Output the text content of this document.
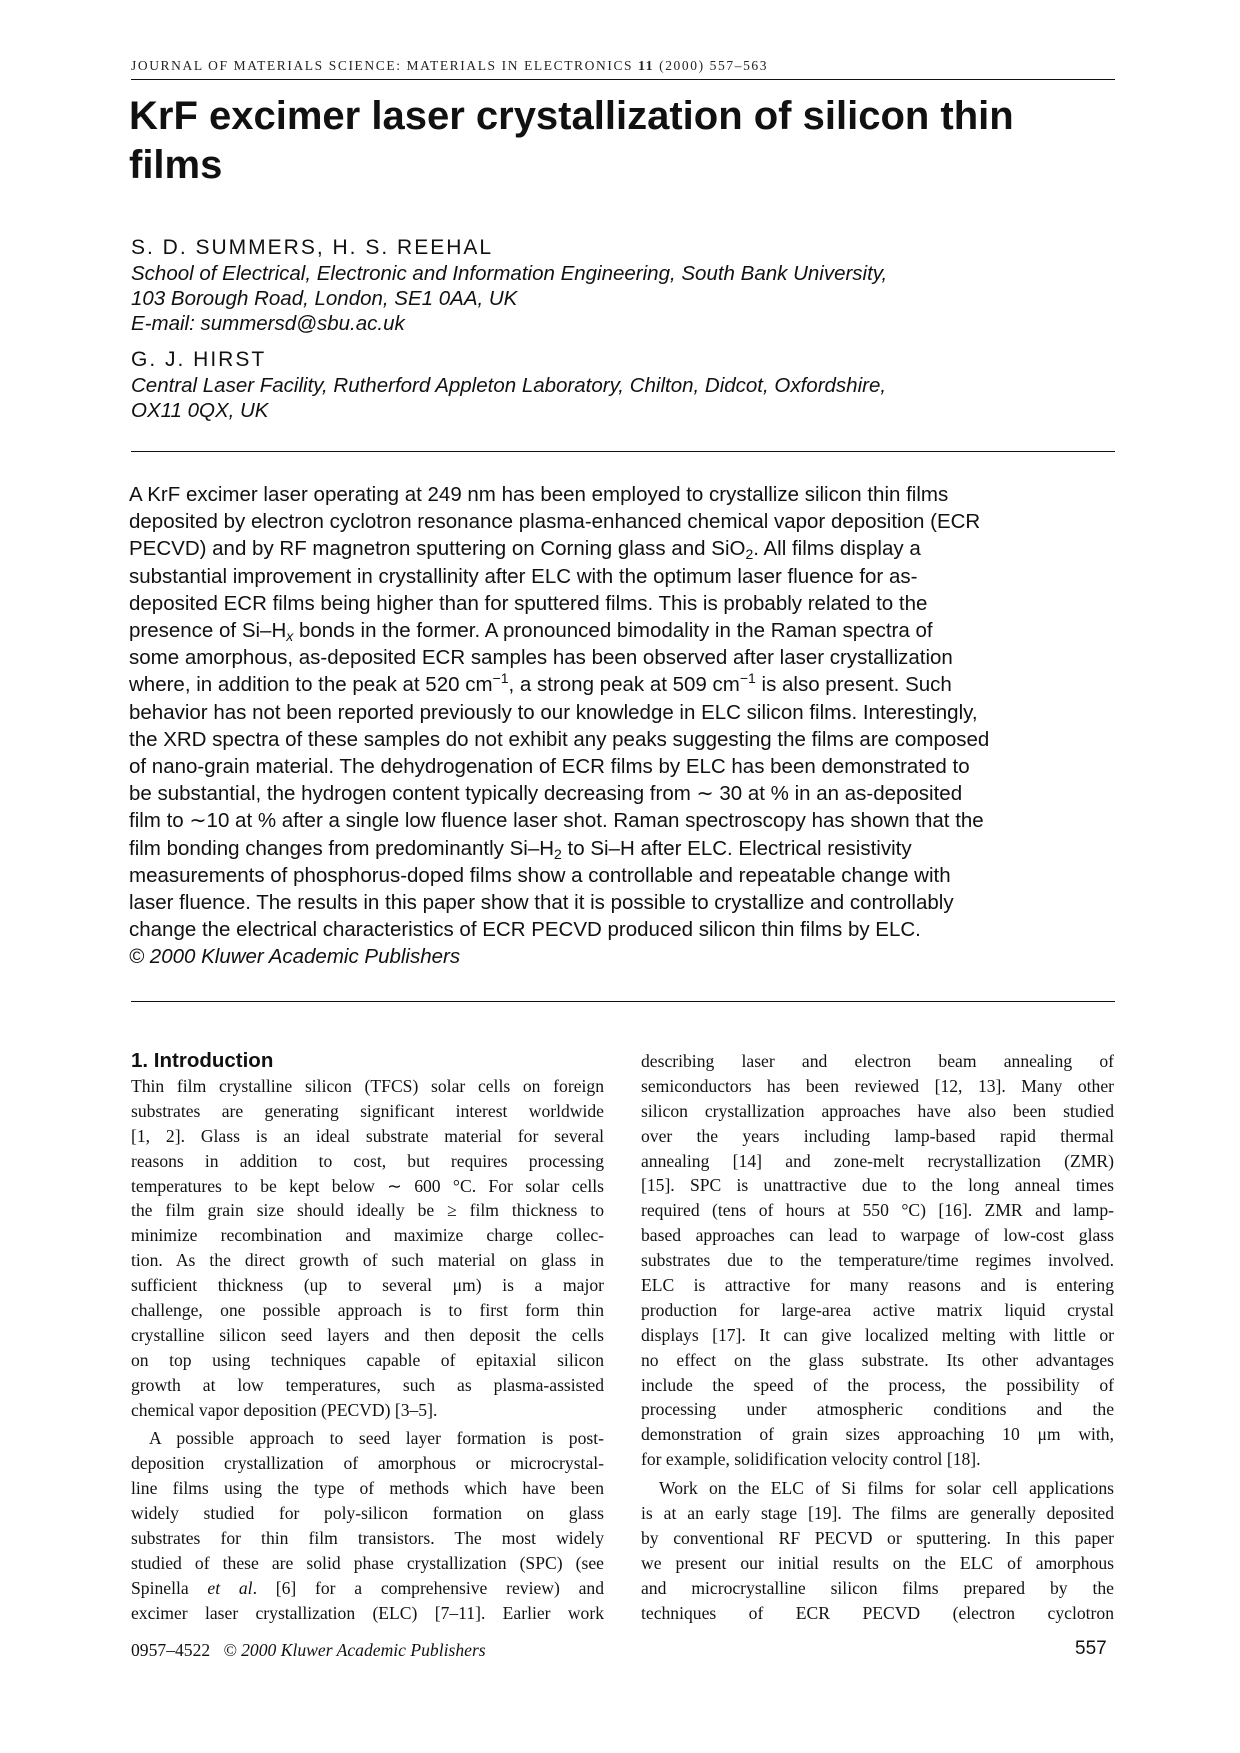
JOURNAL OF MATERIALS SCIENCE: MATERIALS IN ELECTRONICS 11 (2000) 557–563
KrF excimer laser crystallization of silicon thin films

S. D. SUMMERS, H. S. REEHAL

School of Electrical, Electronic and Information Engineering, South Bank University,
103 Borough Road, London, SE1 0AA, UK
E-mail: summersd@sbu.ac.uk

G. J. HIRST

Central Laser Facility, Rutherford Appleton Laboratory, Chilton, Didcot, Oxfordshire,
OX11 0QX, UK

A KrF excimer laser operating at 249 nm has been employed to crystallize silicon thin films
deposited by electron cyclotron resonance plasma-enhanced chemical vapor deposition (ECR
PECVD) and by RF magnetron sputtering on Corning glass and SiO$_2$. All films display a
substantial improvement in crystallinity after ELC with the optimum laser fluence for as-
deposited ECR films being higher than for sputtered films. This is probably related to the
presence of $Si-H_x$ bonds in the former. A pronounced bimodality in the Raman spectra of
some amorphous, as-deposited ECR samples has been observed after laser crystallization
where, in addition to the peak at 520 $cm^{-1}$, a strong peak at 509 $cm^{-1}$ is also present. Such
behavior has not been reported previously to our knowledge in ELC silicon films. Interestingly,
the XRD spectra of these samples do not exhibit any peaks suggesting the films are composed
of nano-grain material. The dehydrogenation of ECR films by ELC has been demonstrated to
be substantial, the hydrogen content typically decreasing from ∼ 30 at % in an as-deposited
film to ∼10 at % after a single low fluence laser shot. Raman spectroscopy has shown that the
film bonding changes from predominantly $Si-H_2$ to Si–H after ELC. Electrical resistivity
measurements of phosphorus-doped films show a controllable and repeatable change with
laser fluence. The results in this paper show that it is possible to crystallize and controllably
change the electrical characteristics of ECR PECVD produced silicon thin films by ELC.
© 2000 Kluwer Academic Publishers
1. Introduction
Thin film crystalline silicon (TFCS) solar cells on foreign
substrates are generating significant interest worldwide
[1, 2]. Glass is an ideal substrate material for several
reasons in addition to cost, but requires processing
temperatures to be kept below ∼ 600 °C. For solar cells
the film grain size should ideally be ≥ film thickness to
minimize recombination and maximize charge collec-
tion. As the direct growth of such material on glass in
sufficient thickness (up to several μm) is a major
challenge, one possible approach is to first form thin
crystalline silicon seed layers and then deposit the cells
on top using techniques capable of epitaxial silicon
growth at low temperatures, such as plasma-assisted
chemical vapor deposition (PECVD) [3–5].
A possible approach to seed layer formation is post-
deposition crystallization of amorphous or microcrystal-
line films using the type of methods which have been
widely studied for poly-silicon formation on glass
substrates for thin film transistors. The most widely
studied of these are solid phase crystallization (SPC) (see
Spinella et al. [6] for a comprehensive review) and
excimer laser crystallization (ELC) [7–11]. Earlier work
describing laser and electron beam annealing of
semiconductors has been reviewed [12, 13]. Many other
silicon crystallization approaches have also been studied
over the years including lamp-based rapid thermal
annealing [14] and zone-melt recrystallization (ZMR)
[15]. SPC is unattractive due to the long anneal times
required (tens of hours at 550 °C) [16]. ZMR and lamp-
based approaches can lead to warpage of low-cost glass
substrates due to the temperature/time regimes involved.
ELC is attractive for many reasons and is entering
production for large-area active matrix liquid crystal
displays [17]. It can give localized melting with little or
no effect on the glass substrate. Its other advantages
include the speed of the process, the possibility of
processing under atmospheric conditions and the
demonstration of grain sizes approaching 10 μm with,
for example, solidification velocity control [18].
Work on the ELC of Si films for solar cell applications
is at an early stage [19]. The films are generally deposited
by conventional RF PECVD or sputtering. In this paper
we present our initial results on the ELC of amorphous
and microcrystalline silicon films prepared by the
techniques of ECR PECVD (electron cyclotron
0957–4522 © 2000 Kluwer Academic Publishers	557
